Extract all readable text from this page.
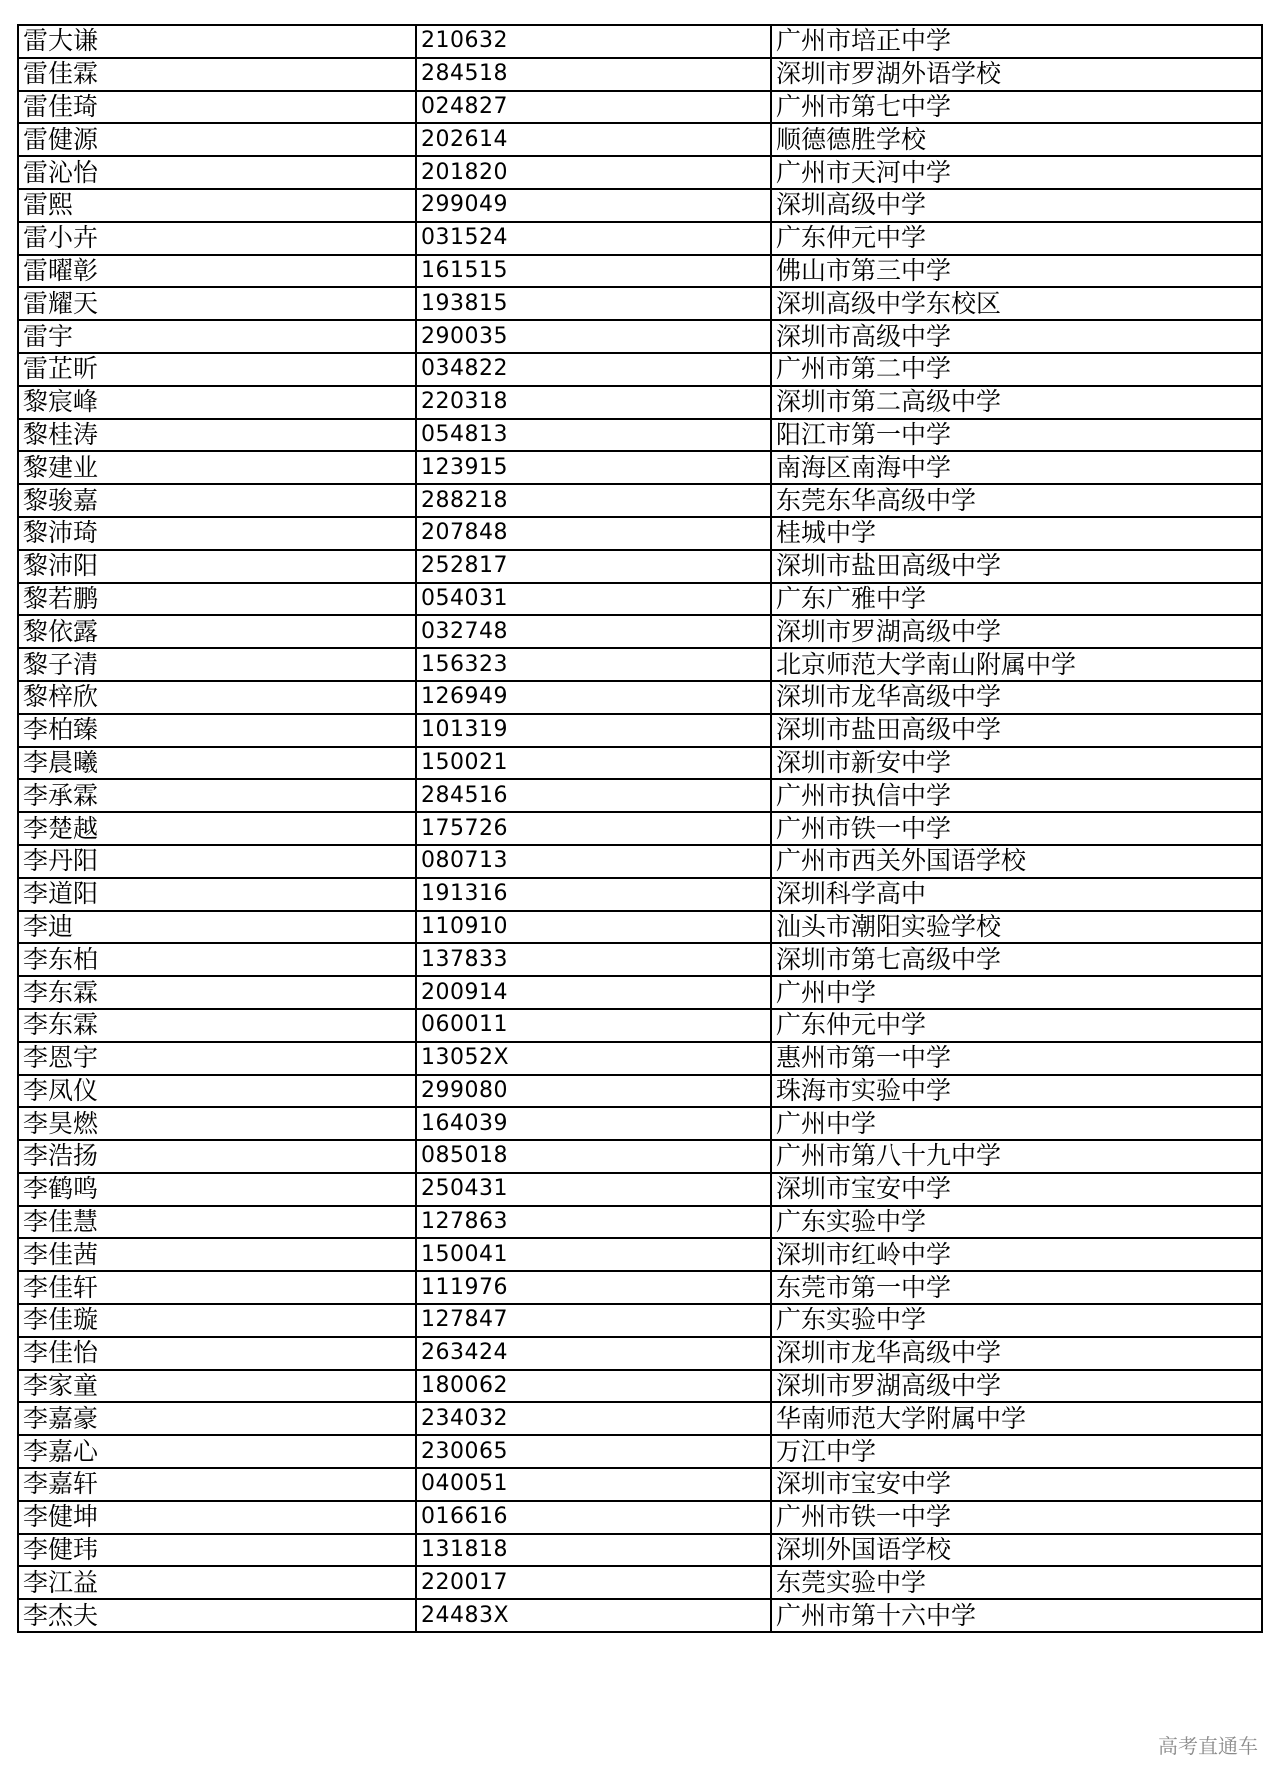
雷大谦	210632	广州市培正中学
雷佳霖	284518	深圳市罗湖外语学校
雷佳琦	024827	广州市第七中学
雷健源	202614	顺德德胜学校
雷沁怡	201820	广州市天河中学
雷熙	299049	深圳高级中学
雷小卉	031524	广东仲元中学
雷曜彰	161515	佛山市第三中学
雷耀天	193815	深圳高级中学东校区
雷宇	290035	深圳市高级中学
雷芷昕	034822	广州市第二中学
黎宸峰	220318	深圳市第二高级中学
黎桂涛	054813	阳江市第一中学
黎建业	123915	南海区南海中学
黎骏嘉	288218	东莞东华高级中学
黎沛琦	207848	桂城中学
黎沛阳	252817	深圳市盐田高级中学
黎若鹏	054031	广东广雅中学
黎依露	032748	深圳市罗湖高级中学
黎子清	156323	北京师范大学南山附属中学
黎梓欣	126949	深圳市龙华高级中学
李柏臻	101319	深圳市盐田高级中学
李晨曦	150021	深圳市新安中学
李承霖	284516	广州市执信中学
李楚越	175726	广州市铁一中学
李丹阳	080713	广州市西关外国语学校
李道阳	191316	深圳科学高中
李迪	110910	汕头市潮阳实验学校
李东柏	137833	深圳市第七高级中学
李东霖	200914	广州中学
李东霖	060011	广东仲元中学
李恩宇	13052X	惠州市第一中学
李凤仪	299080	珠海市实验中学
李昊燃	164039	广州中学
李浩扬	085018	广州市第八十九中学
李鹤鸣	250431	深圳市宝安中学
李佳慧	127863	广东实验中学
李佳茜	150041	深圳市红岭中学
李佳轩	111976	东莞市第一中学
李佳璇	127847	广东实验中学
李佳怡	263424	深圳市龙华高级中学
李家童	180062	深圳市罗湖高级中学
李嘉豪	234032	华南师范大学附属中学
李嘉心	230065	万江中学
李嘉轩	040051	深圳市宝安中学
李健坤	016616	广州市铁一中学
李健玮	131818	深圳外国语学校
李江益	220017	东莞实验中学
李杰夫	24483X	广州市第十六中学
高考直通车
